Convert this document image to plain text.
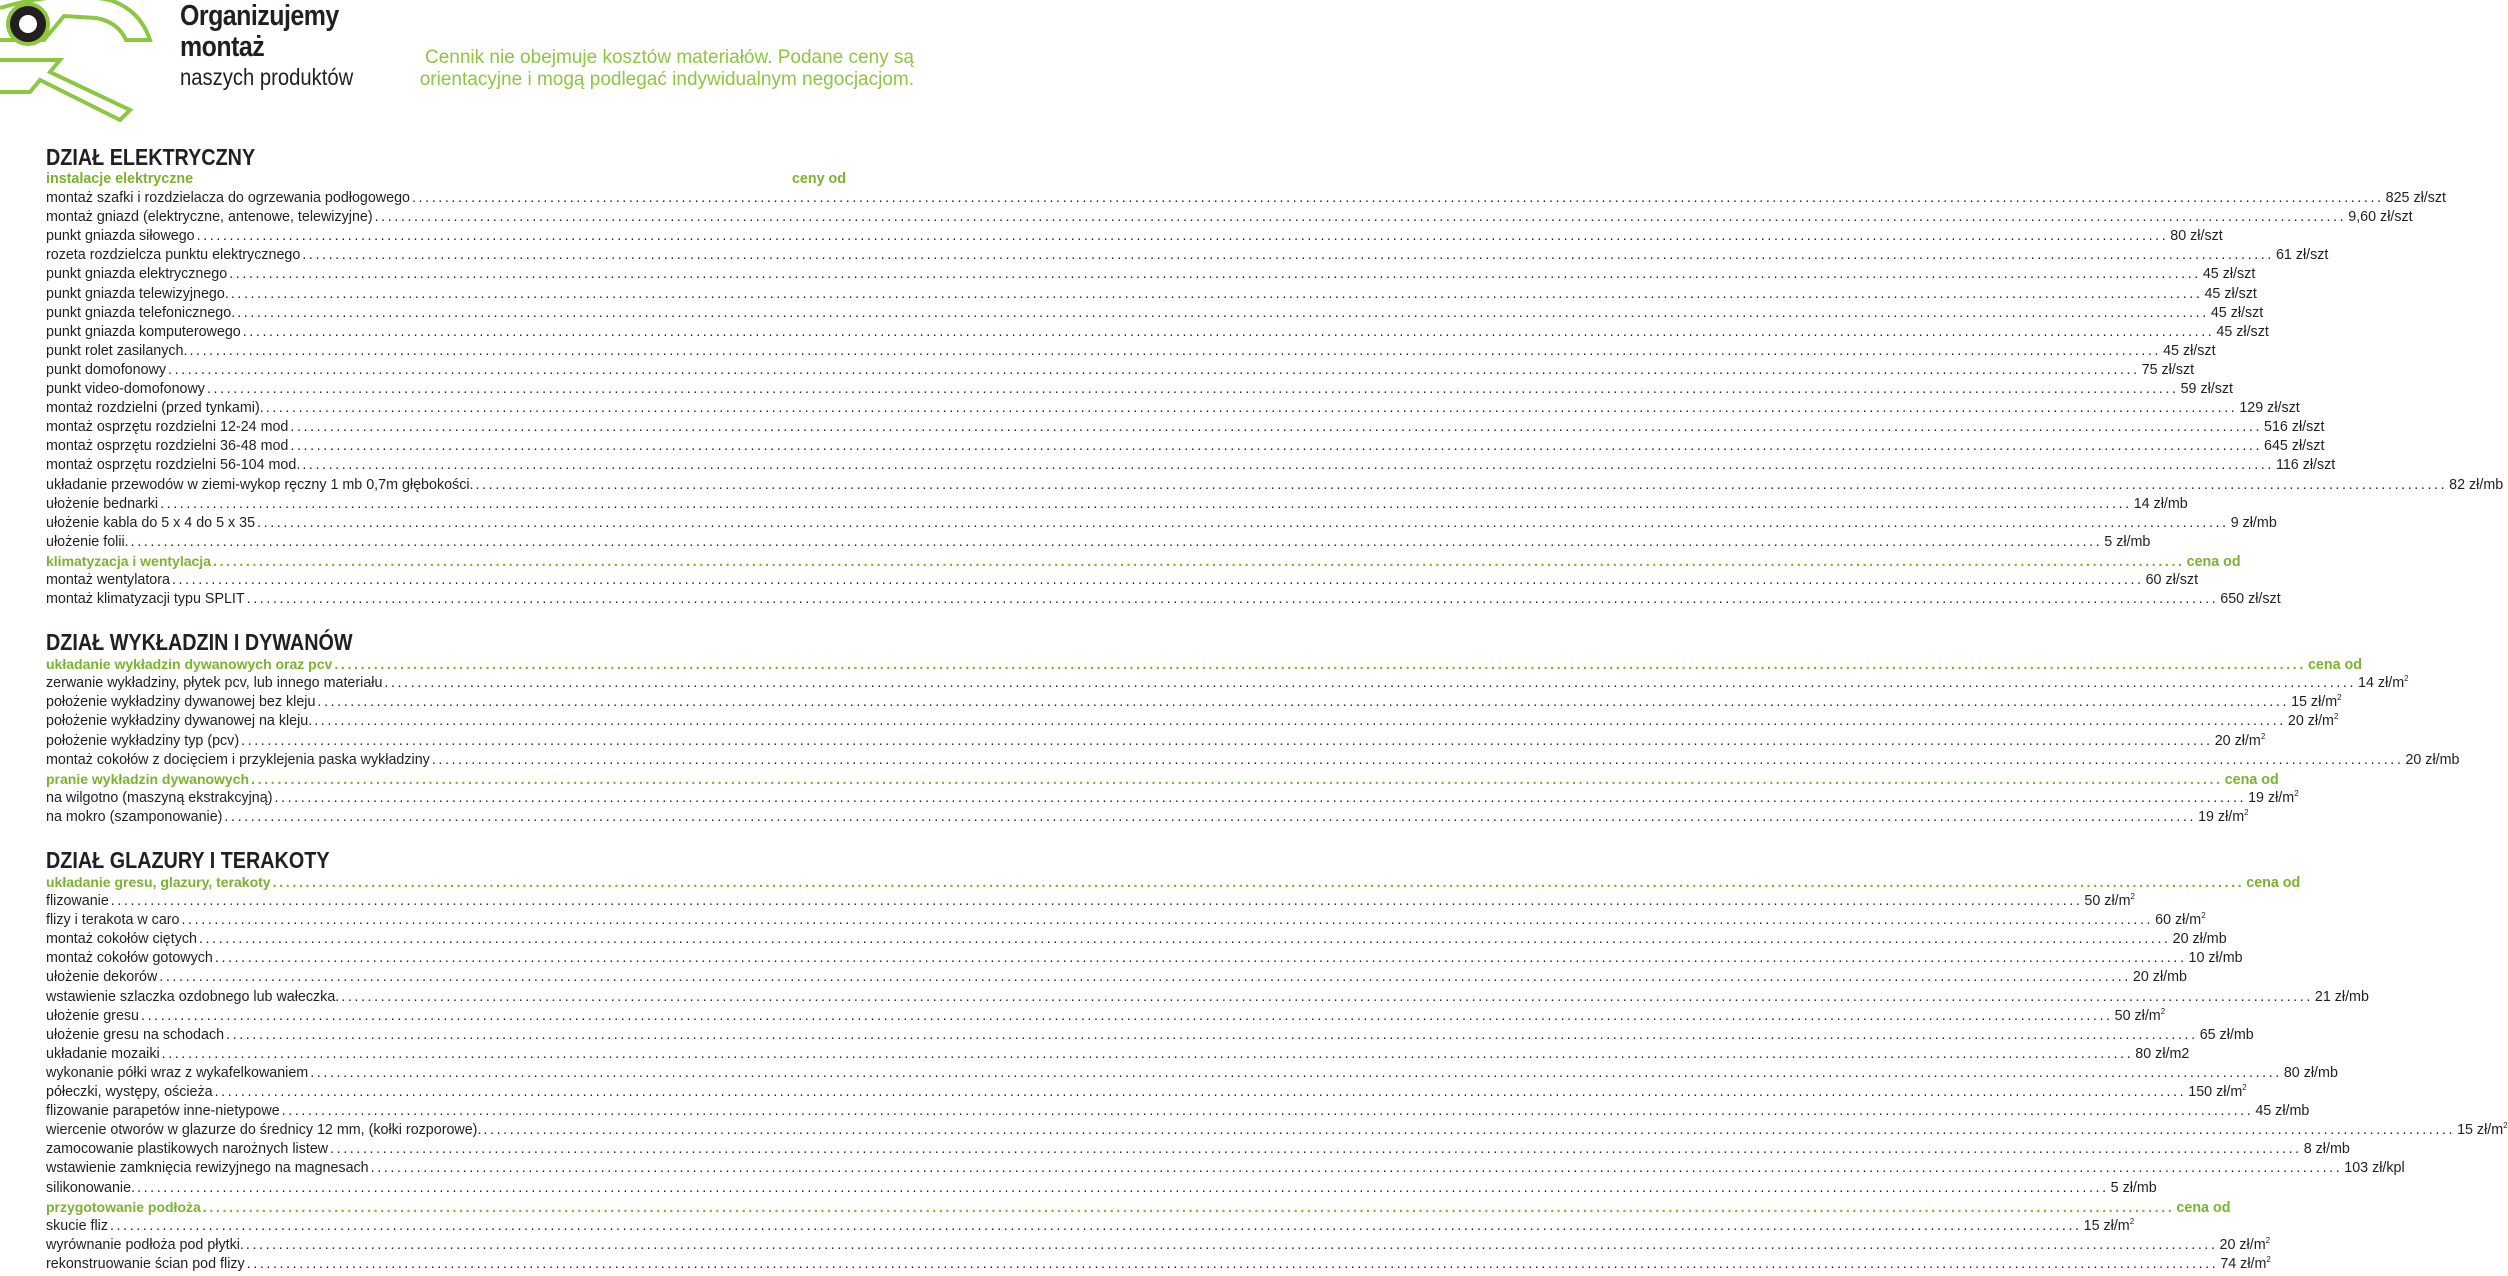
Organizujemy
montaż
naszych produktów
Cennik nie obejmuje kosztów materiałów. Podane ceny są orientacyjne i mogą podlegać indywidualnym negocjacjom.
DZIAŁ ELEKTRYCZNY
instalacje elektryczne	ceny od
montaż szafki i rozdzielacza do ogrzewania podłogowego ............................................................................................................................................................................................................................................................................................................ 825 zł/szt
montaż gniazd (elektryczne, antenowe, telewizyjne) ............................................................................................................................................................................................................................................................................................................ 9,60 zł/szt
punkt gniazda siłowego ............................................................................................................................................................................................................................................................................................................ 80 zł/szt
rozeta rozdzielcza punktu elektrycznego ............................................................................................................................................................................................................................................................................................................ 61 zł/szt
punkt gniazda elektrycznego ............................................................................................................................................................................................................................................................................................................ 45 zł/szt
punkt gniazda telewizyjnego. ............................................................................................................................................................................................................................................................................................................ 45 zł/szt
punkt gniazda telefonicznego. ............................................................................................................................................................................................................................................................................................................ 45 zł/szt
punkt gniazda komputerowego ............................................................................................................................................................................................................................................................................................................ 45 zł/szt
punkt rolet zasilanych. ............................................................................................................................................................................................................................................................................................................ 45 zł/szt
punkt domofonowy ............................................................................................................................................................................................................................................................................................................ 75 zł/szt
punkt video-domofonowy ............................................................................................................................................................................................................................................................................................................ 59 zł/szt
montaż rozdzielni (przed tynkami). ............................................................................................................................................................................................................................................................................................................ 129 zł/szt
montaż osprzętu rozdzielni 12-24 mod ............................................................................................................................................................................................................................................................................................................ 516 zł/szt
montaż osprzętu rozdzielni 36-48 mod ............................................................................................................................................................................................................................................................................................................ 645 zł/szt
montaż osprzętu rozdzielni 56-104 mod. ............................................................................................................................................................................................................................................................................................................ 116 zł/szt
układanie przewodów w ziemi-wykop ręczny 1 mb 0,7m głębokości. ............................................................................................................................................................................................................................................................................................................ 82 zł/mb
ułożenie bednarki ............................................................................................................................................................................................................................................................................................................ 14 zł/mb
ułożenie kabla do 5 x 4 do 5 x 35 ............................................................................................................................................................................................................................................................................................................ 9 zł/mb
ułożenie folii. ............................................................................................................................................................................................................................................................................................................ 5 zł/mb
klimatyzacja i wentylacja ............................................................................................................................................................................................................................................................................................................ cena od
montaż wentylatora ............................................................................................................................................................................................................................................................................................................ 60 zł/szt
montaż klimatyzacji typu SPLIT ............................................................................................................................................................................................................................................................................................................ 650 zł/szt
DZIAŁ WYKŁADZIN I DYWANÓW
układanie wykładzin dywanowych oraz pcv ............................................................................................................................................................................................................................................................................................................ cena od
zerwanie wykładziny, płytek pcv, lub innego materiału ............................................................................................................................................................................................................................................................................................................ 14 $zł/m^2$
położenie wykładziny dywanowej bez kleju ............................................................................................................................................................................................................................................................................................................ 15 $zł/m^2$
położenie wykładziny dywanowej na kleju. ............................................................................................................................................................................................................................................................................................................ 20 $zł/m^2$
położenie wykładziny typ (pcv) ............................................................................................................................................................................................................................................................................................................ 20 $zł/m^2$
montaż cokołów z docięciem i przyklejenia paska wykładziny ............................................................................................................................................................................................................................................................................................................ 20 zł/mb
pranie wykładzin dywanowych ............................................................................................................................................................................................................................................................................................................ cena od
na wilgotno (maszyną ekstrakcyjną) ............................................................................................................................................................................................................................................................................................................ 19 $zł/m^2$
na mokro (szamponowanie) ............................................................................................................................................................................................................................................................................................................ 19 $zł/m^2$
DZIAŁ GLAZURY I TERAKOTY
układanie gresu, glazury, terakoty ............................................................................................................................................................................................................................................................................................................ cena od
flizowanie ............................................................................................................................................................................................................................................................................................................ 50 $zł/m^2$
flizy i terakota w caro ............................................................................................................................................................................................................................................................................................................ 60 $zł/m^2$
montaż cokołów ciętych ............................................................................................................................................................................................................................................................................................................ 20 zł/mb
montaż cokołów gotowych ............................................................................................................................................................................................................................................................................................................ 10 zł/mb
ułożenie dekorów ............................................................................................................................................................................................................................................................................................................ 20 zł/mb
wstawienie szlaczka ozdobnego lub wałeczka. ............................................................................................................................................................................................................................................................................................................ 21 zł/mb
ułożenie gresu ............................................................................................................................................................................................................................................................................................................ 50 $zł/m^2$
ułożenie gresu na schodach ............................................................................................................................................................................................................................................................................................................ 65 zł/mb
układanie mozaiki ............................................................................................................................................................................................................................................................................................................ 80 zł/m2
wykonanie półki wraz z wykafelkowaniem ............................................................................................................................................................................................................................................................................................................ 80 zł/mb
półeczki, występy, ościeża ............................................................................................................................................................................................................................................................................................................ 150 $zł/m^2$
flizowanie parapetów inne-nietypowe ............................................................................................................................................................................................................................................................................................................ 45 zł/mb
wiercenie otworów w glazurze do średnicy 12 mm, (kołki rozporowe). ............................................................................................................................................................................................................................................................................................................ 15 $zł/m^2$
zamocowanie plastikowych narożnych listew ............................................................................................................................................................................................................................................................................................................ 8 zł/mb
wstawienie zamknięcia rewizyjnego na magnesach ............................................................................................................................................................................................................................................................................................................ 103 zł/kpl
silikonowanie. ............................................................................................................................................................................................................................................................................................................ 5 zł/mb
przygotowanie podłoża ............................................................................................................................................................................................................................................................................................................ cena od
skucie fliz ............................................................................................................................................................................................................................................................................................................ 15 $zł/m^2$
wyrównanie podłoża pod płytki. ............................................................................................................................................................................................................................................................................................................ 20 $zł/m^2$
rekonstruowanie ścian pod flizy ............................................................................................................................................................................................................................................................................................................ 74 $zł/m^2$
